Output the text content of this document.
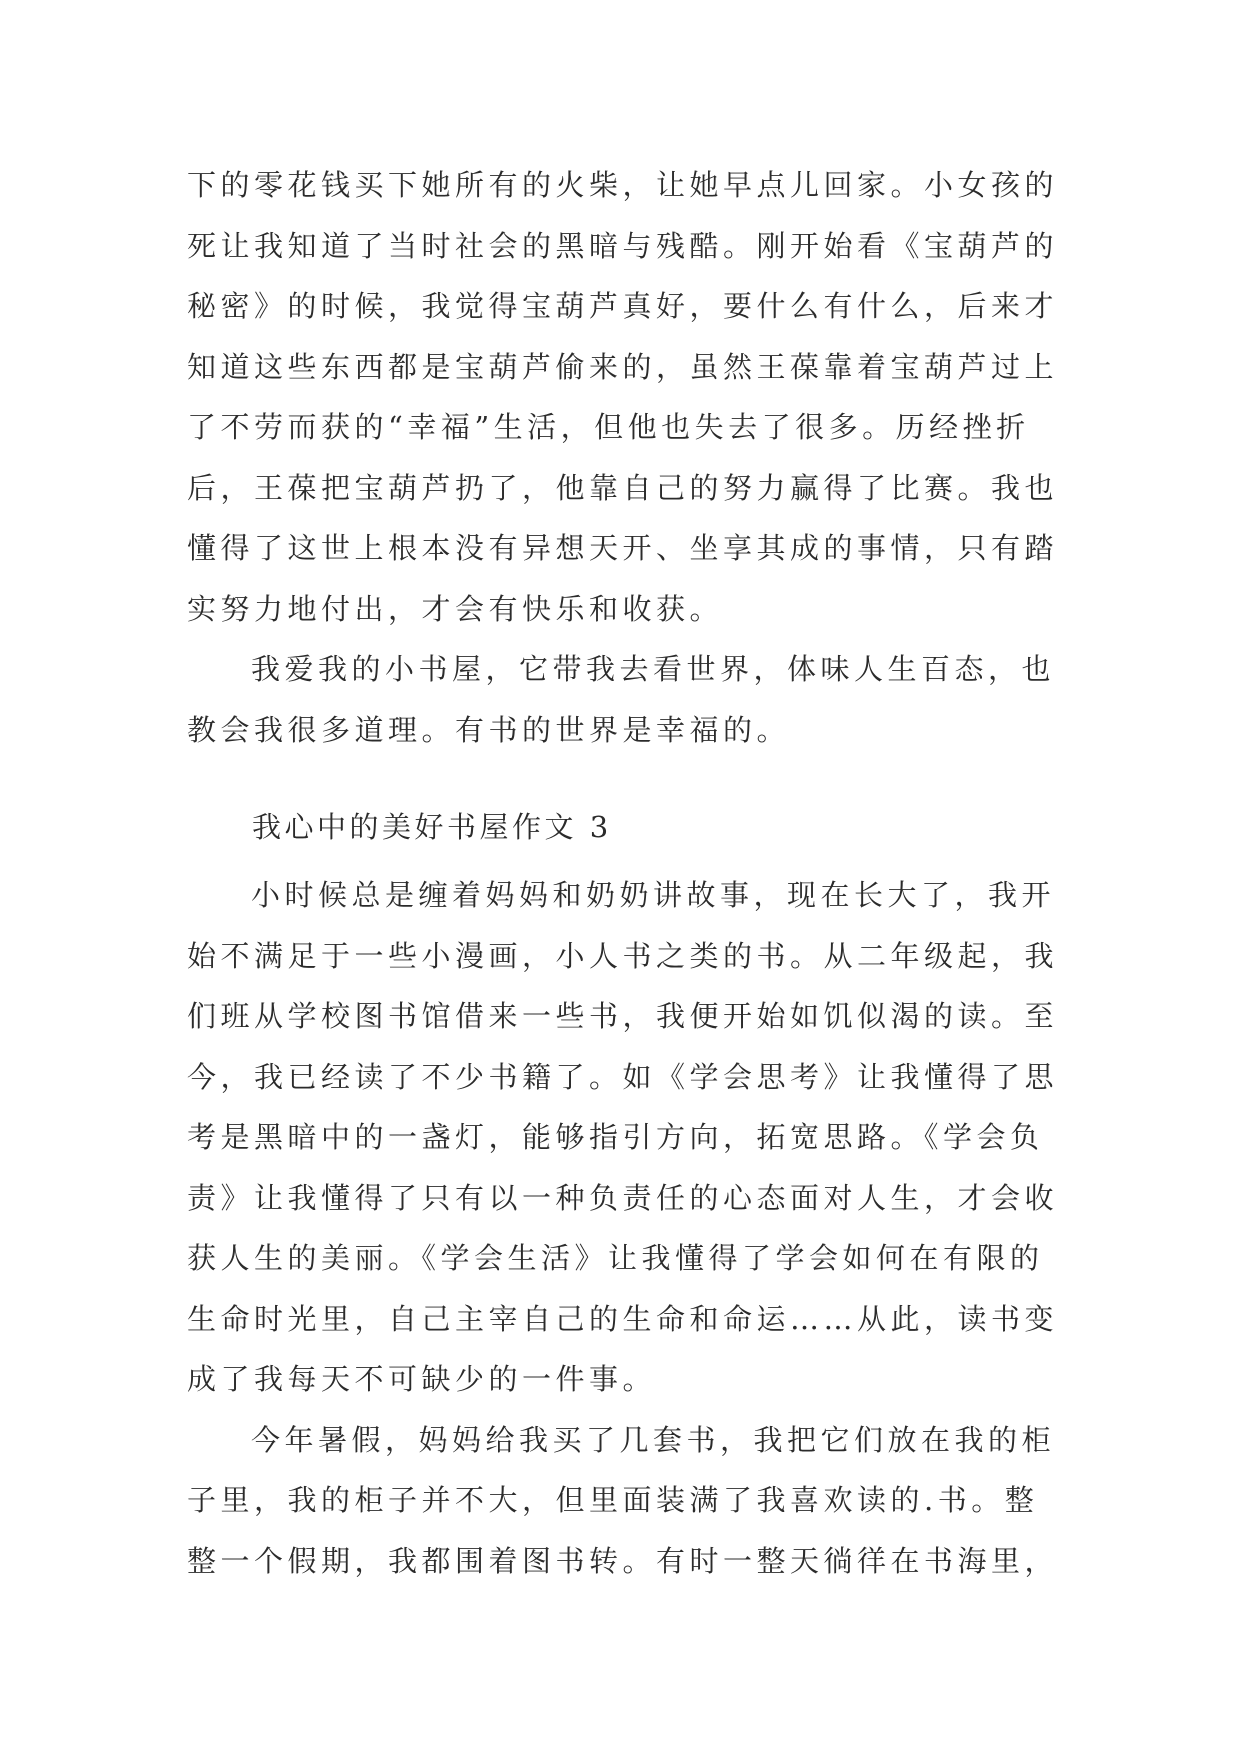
下的零花钱买下她所有的火柴，让她早点儿回家。小女孩的
死让我知道了当时社会的黑暗与残酷。刚开始看《宝葫芦的
秘密》的时候，我觉得宝葫芦真好，要什么有什么，后来才
知道这些东西都是宝葫芦偷来的，虽然王葆靠着宝葫芦过上
了不劳而获的“幸福”生活，但他也失去了很多。历经挫折
后，王葆把宝葫芦扔了，他靠自己的努力赢得了比赛。我也
懂得了这世上根本没有异想天开、坐享其成的事情，只有踏
实努力地付出，才会有快乐和收获。
我爱我的小书屋，它带我去看世界，体味人生百态，也
教会我很多道理。有书的世界是幸福的。
我心中的美好书屋作文 3
小时候总是缠着妈妈和奶奶讲故事，现在长大了，我开
始不满足于一些小漫画，小人书之类的书。从二年级起，我
们班从学校图书馆借来一些书，我便开始如饥似渴的读。至
今，我已经读了不少书籍了。如《学会思考》让我懂得了思
考是黑暗中的一盏灯，能够指引方向，拓宽思路。《学会负
责》让我懂得了只有以一种负责任的心态面对人生，才会收
获人生的美丽。《学会生活》让我懂得了学会如何在有限的
生命时光里，自己主宰自己的生命和命运……从此，读书变
成了我每天不可缺少的一件事。
今年暑假，妈妈给我买了几套书，我把它们放在我的柜
子里，我的柜子并不大，但里面装满了我喜欢读的.书。整
整一个假期，我都围着图书转。有时一整天徜徉在书海里，
